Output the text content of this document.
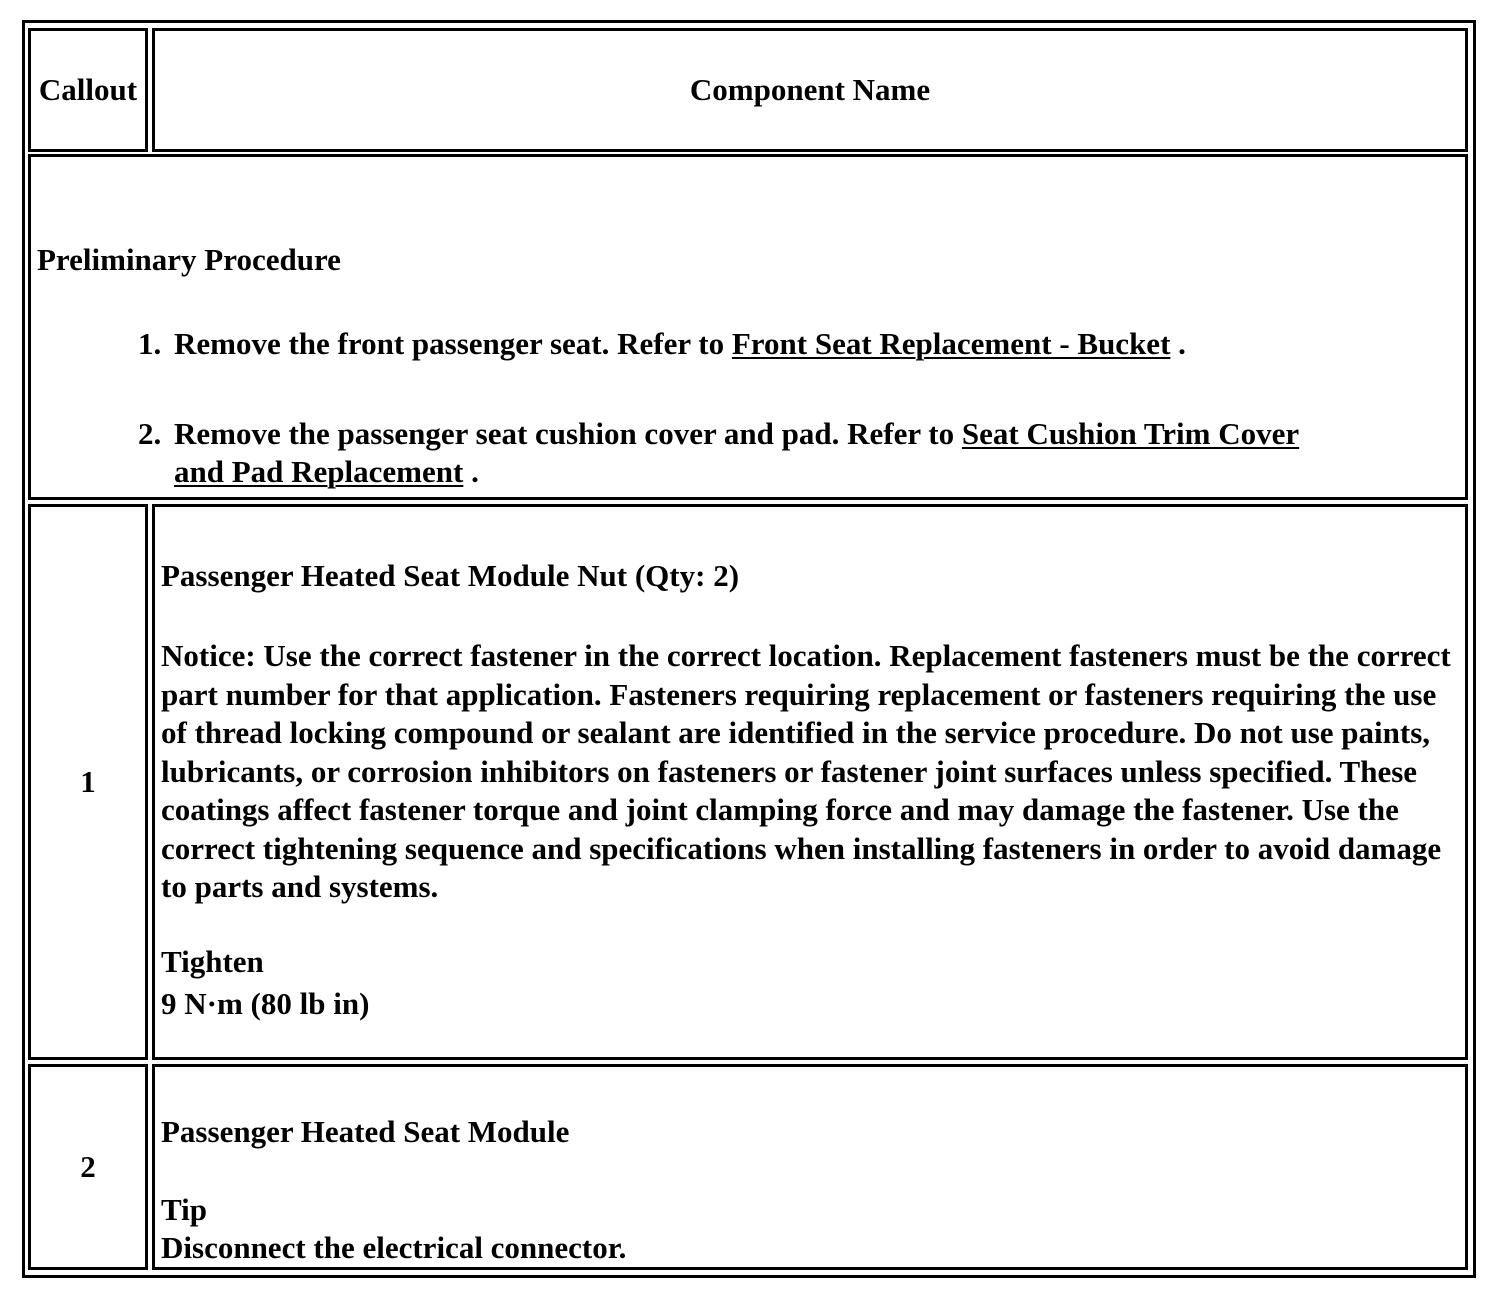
Callout	Component Name
Preliminary Procedure
1. Remove the front passenger seat. Refer to Front Seat Replacement - Bucket .
2. Remove the passenger seat cushion cover and pad. Refer to Seat Cushion Trim Cover
and Pad Replacement .
1
Passenger Heated Seat Module Nut (Qty: 2)
Notice: Use the correct fastener in the correct location. Replacement fasteners must be the correct part number for that application. Fasteners requiring replacement or fasteners requiring the use of thread locking compound or sealant are identified in the service procedure. Do not use paints, lubricants, or corrosion inhibitors on fasteners or fastener joint surfaces unless specified. These coatings affect fastener torque and joint clamping force and may damage the fastener. Use the correct tightening sequence and specifications when installing fasteners in order to avoid damage to parts and systems.
Tighten
9 N·m (80 lb in)
2
Passenger Heated Seat Module
Tip
Disconnect the electrical connector.
